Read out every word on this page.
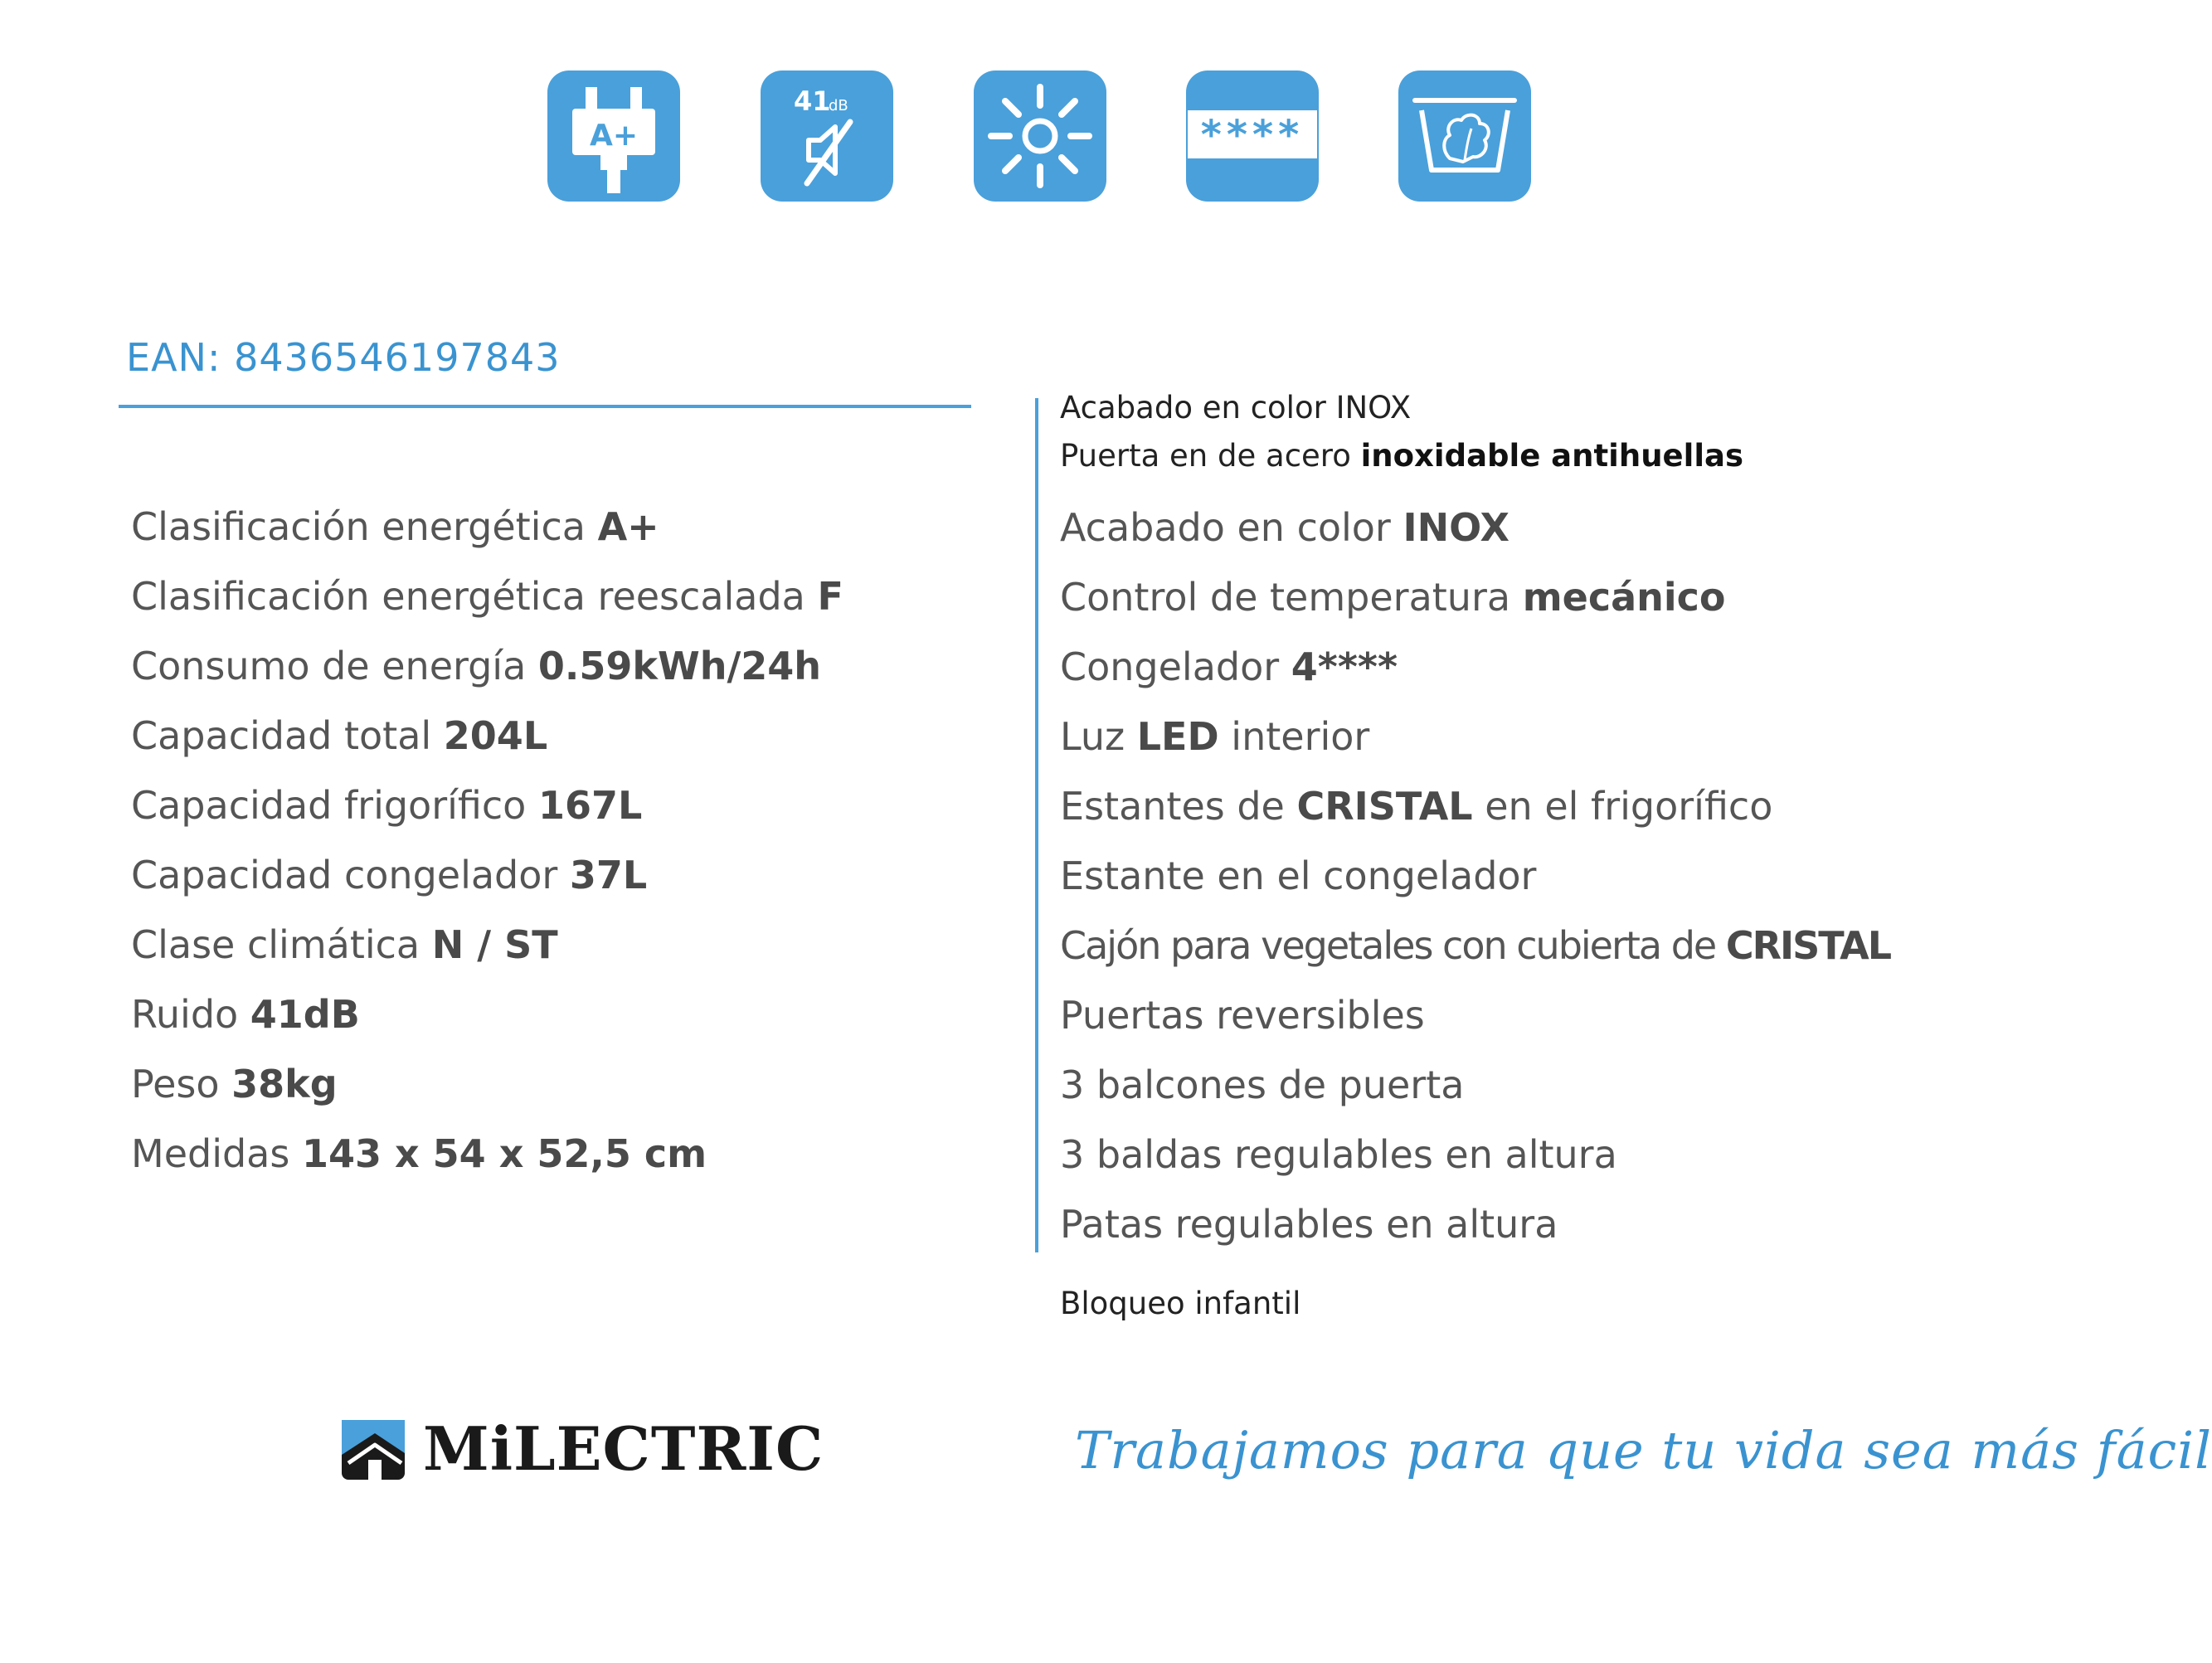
A+
41
dB
****
EAN: 8436546197843
Acabado en color INOX
Puerta en de acero inoxidable antihuellas
Clasificación energética A+
Clasificación energética reescalada F
Consumo de energía 0.59kWh/24h
Capacidad total 204L
Capacidad frigorífico 167L
Capacidad congelador 37L
Clase climática N / ST
Ruido 41dB
Peso 38kg
Medidas 143 x 54 x 52,5 cm
Acabado en color INOX
Control de temperatura mecánico
Congelador 4****
Luz LED interior
Estantes de CRISTAL en el frigorífico
Estante en el congelador
Cajón para vegetales con cubierta de CRISTAL
Puertas reversibles
3 balcones de puerta
3 baldas regulables en altura
Patas regulables en altura
Bloqueo infantil
MiLECTRIC	Trabajamos para que tu vida sea más fácil
